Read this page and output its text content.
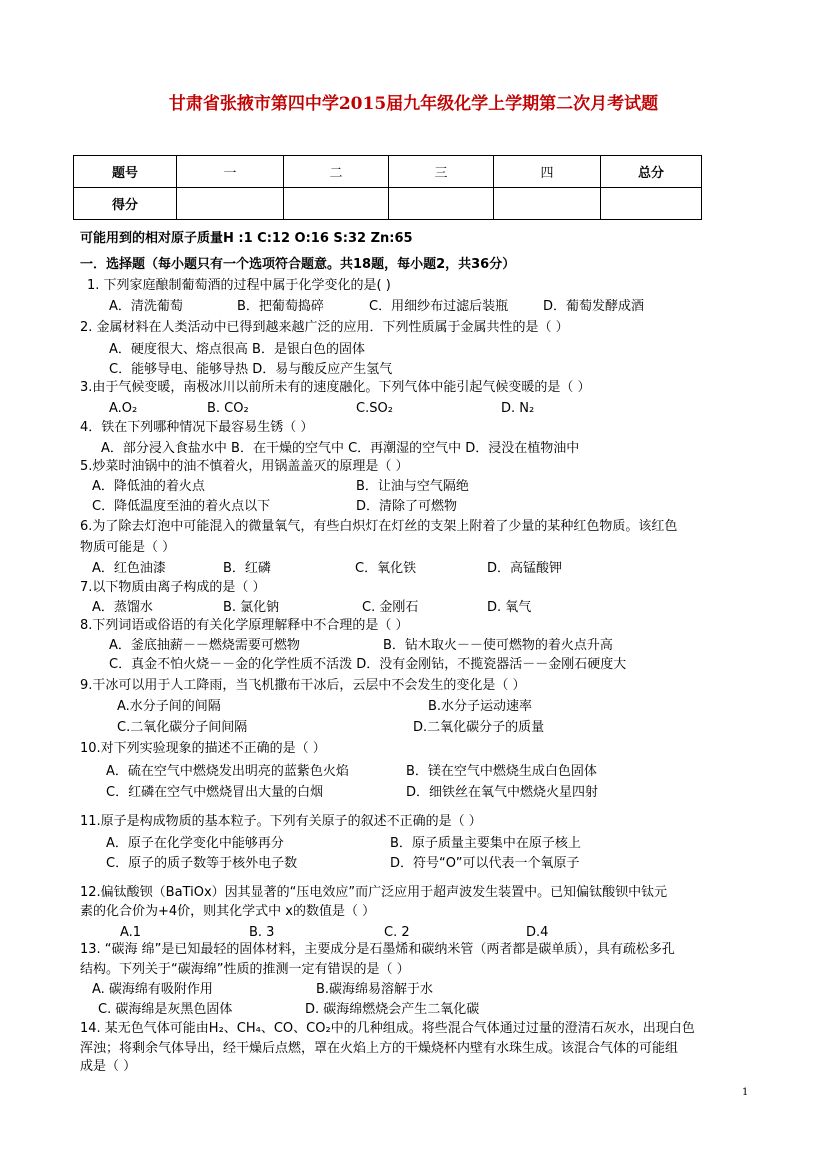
甘肃省张掖市第四中学2015届九年级化学上学期第二次月考试题
题号	一	二	三	四	总分
得分					
可能用到的相对原子质量H :1 C:12 O:16 S:32 Zn:65
一．选择题（每小题只有一个选项符合题意。共18题，每小题2，共36分）
1. 下列家庭酿制葡萄酒的过程中属于化学变化的是( )
A．清洗葡萄	B．把葡萄捣碎	C．用细纱布过滤后装瓶	D．葡萄发酵成酒
2. 金属材料在人类活动中已得到越来越广泛的应用．下列性质属于金属共性的是（ ）
A．硬度很大、熔点很高 B．是银白色的固体
C．能够导电、能够导热 D．易与酸反应产生氢气
3.由于气候变暖，南极冰川以前所未有的速度融化。下列气体中能引起气候变暖的是（ ）
A.O₂	B. CO₂	C.SO₂	D. N₂
4．铁在下列哪种情况下最容易生锈（ ）
A．部分浸入食盐水中 B．在干燥的空气中 C．再潮湿的空气中 D．浸没在植物油中
5.炒菜时油锅中的油不慎着火，用锅盖盖灭的原理是（ ）
A．降低油的着火点	B．让油与空气隔绝
C．降低温度至油的着火点以下	D．清除了可燃物
6.为了除去灯泡中可能混入的微量氧气，有些白炽灯在灯丝的支架上附着了少量的某种红色物质。该红色
物质可能是（ ）
A．红色油漆	B．红磷	C．氧化铁	D．高锰酸钾
7.以下物质由离子构成的是（ ）
A．蒸馏水	B. 氯化钠	C. 金刚石	D. 氧气
8.下列词语或俗语的有关化学原理解释中不合理的是（ ）
A．釜底抽薪－－燃烧需要可燃物	B．钻木取火－－使可燃物的着火点升高
C．真金不怕火烧－－金的化学性质不活泼 D．没有金刚钻，不揽瓷器活－－金刚石硬度大
9.干冰可以用于人工降雨，当飞机撒布干冰后，云层中不会发生的变化是（ ）
A.水分子间的间隔	B.水分子运动速率
C.二氧化碳分子间间隔	D.二氧化碳分子的质量
10.对下列实验现象的描述不正确的是（ ）
A．硫在空气中燃烧发出明亮的蓝紫色火焰	B．镁在空气中燃烧生成白色固体
C．红磷在空气中燃烧冒出大量的白烟	D．细铁丝在氧气中燃烧火星四射
11.原子是构成物质的基本粒子。下列有关原子的叙述不正确的是（ ）
A．原子在化学变化中能够再分	B．原子质量主要集中在原子核上
C．原子的质子数等于核外电子数	D．符号“O”可以代表一个氧原子
12.偏钛酸钡（BaTiOx）因其显著的“压电效应”而广泛应用于超声波发生装置中。已知偏钛酸钡中钛元
素的化合价为+4价，则其化学式中 x的数值是（ ）
A.1	B. 3	C. 2	D.4
13. “碳海 绵”是已知最轻的固体材料，主要成分是石墨烯和碳纳米管（两者都是碳单质），具有疏松多孔
结构。下列关于“碳海绵”性质的推测一定有错误的是（ ）
A. 碳海绵有吸附作用	B.碳海绵易溶解于水
C. 碳海绵是灰黑色固体	D. 碳海绵燃烧会产生二氧化碳
14. 某无色气体可能由H₂、CH₄、CO、CO₂中的几种组成。将些混合气体通过过量的澄清石灰水，出现白色
浑浊；将剩余气体导出，经干燥后点燃，罩在火焰上方的干燥烧杯内壁有水珠生成。该混合气体的可能组
成是（ ）
1
